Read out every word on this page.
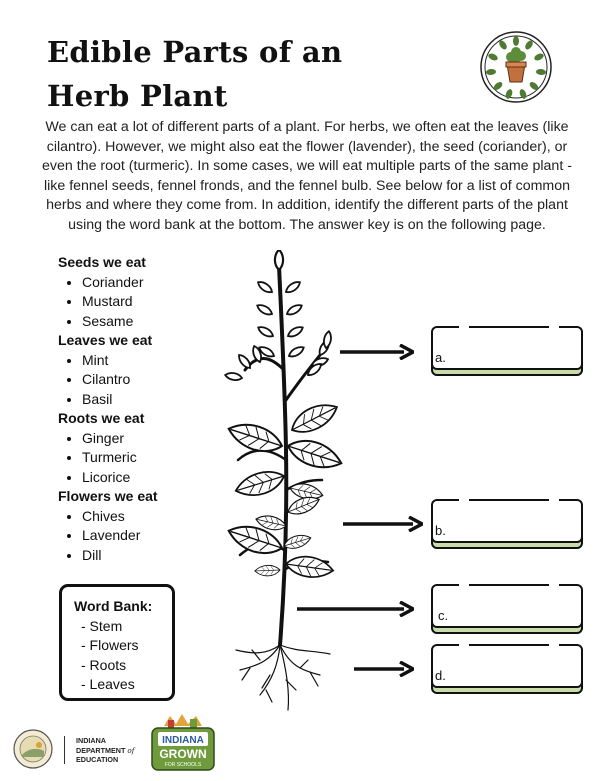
Edible Parts of an
Herb Plant

We can eat a lot of different parts of a plant. For herbs, we often eat the leaves (like cilantro). However, we might also eat the flower (lavender), the seed (coriander), or even the root (turmeric). In some cases, we will eat multiple parts of the same plant - like fennel seeds, fennel fronds, and the fennel bulb. See below for a list of common herbs and where they come from. In addition, identify the different parts of the plant using the word bank at the bottom. The answer key is on the following page.

Seeds we eat
• Coriander
• Mustard
• Sesame
Leaves we eat
• Mint
• Cilantro
• Basil
Roots we eat
• Ginger
• Turmeric
• Licorice
Flowers we eat
• Chives
• Lavender
• Dill
Word Bank:
- Stem
- Flowers
- Roots
- Leaves
a.
b.
c.
d.
INDIANA
DEPARTMENT of
EDUCATION
INDIANA
GROWN
FOR SCHOOLS
